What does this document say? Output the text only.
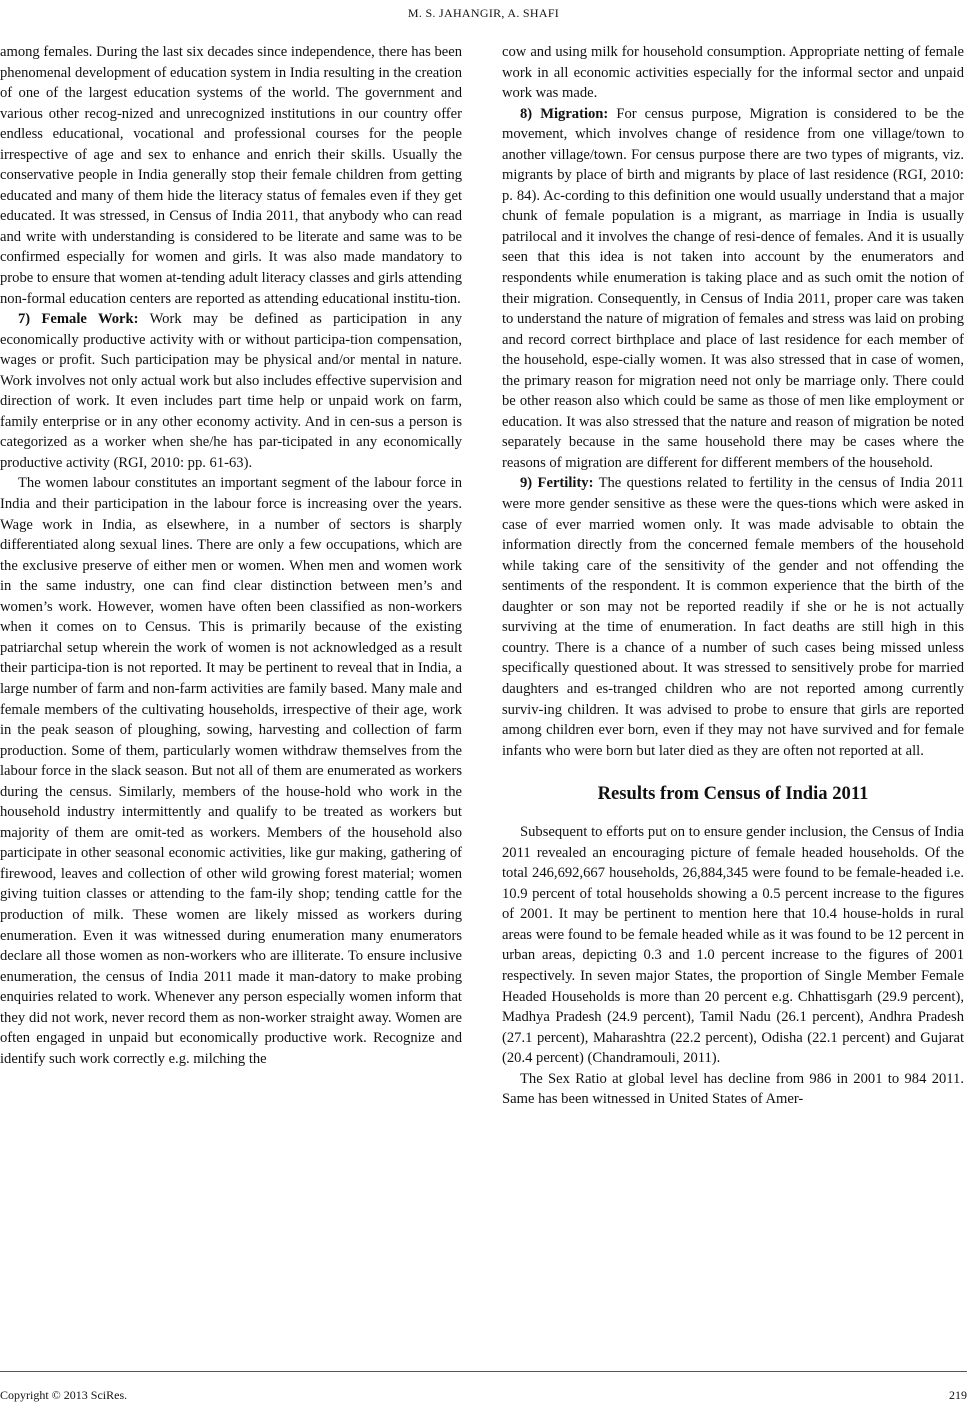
M. S. JAHANGIR, A. SHAFI

among females. During the last six decades since independence, there has been phenomenal development of education system in India resulting in the creation of one of the largest education systems of the world. The government and various other recog-nized and unrecognized institutions in our country offer endless educational, vocational and professional courses for the people irrespective of age and sex to enhance and enrich their skills. Usually the conservative people in India generally stop their female children from getting educated and many of them hide the literacy status of females even if they get educated. It was stressed, in Census of India 2011, that anybody who can read and write with understanding is considered to be literate and same was to be confirmed especially for women and girls. It was also made mandatory to probe to ensure that women at-tending adult literacy classes and girls attending non-formal education centers are reported as attending educational institu-tion.

7) Female Work: Work may be defined as participation in any economically productive activity with or without participa-tion compensation, wages or profit. Such participation may be physical and/or mental in nature. Work involves not only actual work but also includes effective supervision and direction of work. It even includes part time help or unpaid work on farm, family enterprise or in any other economy activity. And in cen-sus a person is categorized as a worker when she/he has par-ticipated in any economically productive activity (RGI, 2010: pp. 61-63).

The women labour constitutes an important segment of the labour force in India and their participation in the labour force is increasing over the years. Wage work in India, as elsewhere, in a number of sectors is sharply differentiated along sexual lines. There are only a few occupations, which are the exclusive preserve of either men or women. When men and women work in the same industry, one can find clear distinction between men’s and women’s work. However, women have often been classified as non-workers when it comes on to Census. This is primarily because of the existing patriarchal setup wherein the work of women is not acknowledged as a result their participa-tion is not reported. It may be pertinent to reveal that in India, a large number of farm and non-farm activities are family based. Many male and female members of the cultivating households, irrespective of their age, work in the peak season of ploughing, sowing, harvesting and collection of farm production. Some of them, particularly women withdraw themselves from the labour force in the slack season. But not all of them are enumerated as workers during the census. Similarly, members of the house-hold who work in the household industry intermittently and qualify to be treated as workers but majority of them are omit-ted as workers. Members of the household also participate in other seasonal economic activities, like gur making, gathering of firewood, leaves and collection of other wild growing forest material; women giving tuition classes or attending to the fam-ily shop; tending cattle for the production of milk. These women are likely missed as workers during enumeration. Even it was witnessed during enumeration many enumerators declare all those women as non-workers who are illiterate. To ensure inclusive enumeration, the census of India 2011 made it man-datory to make probing enquiries related to work. Whenever any person especially women inform that they did not work, never record them as non-worker straight away. Women are often engaged in unpaid but economically productive work. Recognize and identify such work correctly e.g. milching the

cow and using milk for household consumption. Appropriate netting of female work in all economic activities especially for the informal sector and unpaid work was made.

8) Migration: For census purpose, Migration is considered to be the movement, which involves change of residence from one village/town to another village/town. For census purpose there are two types of migrants, viz. migrants by place of birth and migrants by place of last residence (RGI, 2010: p. 84). Ac-cording to this definition one would usually understand that a major chunk of female population is a migrant, as marriage in India is usually patrilocal and it involves the change of resi-dence of females. And it is usually seen that this idea is not taken into account by the enumerators and respondents while enumeration is taking place and as such omit the notion of their migration. Consequently, in Census of India 2011, proper care was taken to understand the nature of migration of females and stress was laid on probing and record correct birthplace and place of last residence for each member of the household, espe-cially women. It was also stressed that in case of women, the primary reason for migration need not only be marriage only. There could be other reason also which could be same as those of men like employment or education. It was also stressed that the nature and reason of migration be noted separately because in the same household there may be cases where the reasons of migration are different for different members of the household.

9) Fertility: The questions related to fertility in the census of India 2011 were more gender sensitive as these were the ques-tions which were asked in case of ever married women only. It was made advisable to obtain the information directly from the concerned female members of the household while taking care of the sensitivity of the gender and not offending the sentiments of the respondent. It is common experience that the birth of the daughter or son may not be reported readily if she or he is not actually surviving at the time of enumeration. In fact deaths are still high in this country. There is a chance of a number of such cases being missed unless specifically questioned about. It was stressed to sensitively probe for married daughters and es-tranged children who are not reported among currently surviv-ing children. It was advised to probe to ensure that girls are reported among children ever born, even if they may not have survived and for female infants who were born but later died as they are often not reported at all.

Results from Census of India 2011

Subsequent to efforts put on to ensure gender inclusion, the Census of India 2011 revealed an encouraging picture of female headed households. Of the total 246,692,667 households, 26,884,345 were found to be female-headed i.e. 10.9 percent of total households showing a 0.5 percent increase to the figures of 2001. It may be pertinent to mention here that 10.4 house-holds in rural areas were found to be female headed while as it was found to be 12 percent in urban areas, depicting 0.3 and 1.0 percent increase to the figures of 2001 respectively. In seven major States, the proportion of Single Member Female Headed Households is more than 20 percent e.g. Chhattisgarh (29.9 percent), Madhya Pradesh (24.9 percent), Tamil Nadu (26.1 percent), Andhra Pradesh (27.1 percent), Maharashtra (22.2 percent), Odisha (22.1 percent) and Gujarat (20.4 percent) (Chandramouli, 2011).

The Sex Ratio at global level has decline from 986 in 2001 to 984 2011. Same has been witnessed in United States of Amer-

Copyright © 2013 SciRes.	219
